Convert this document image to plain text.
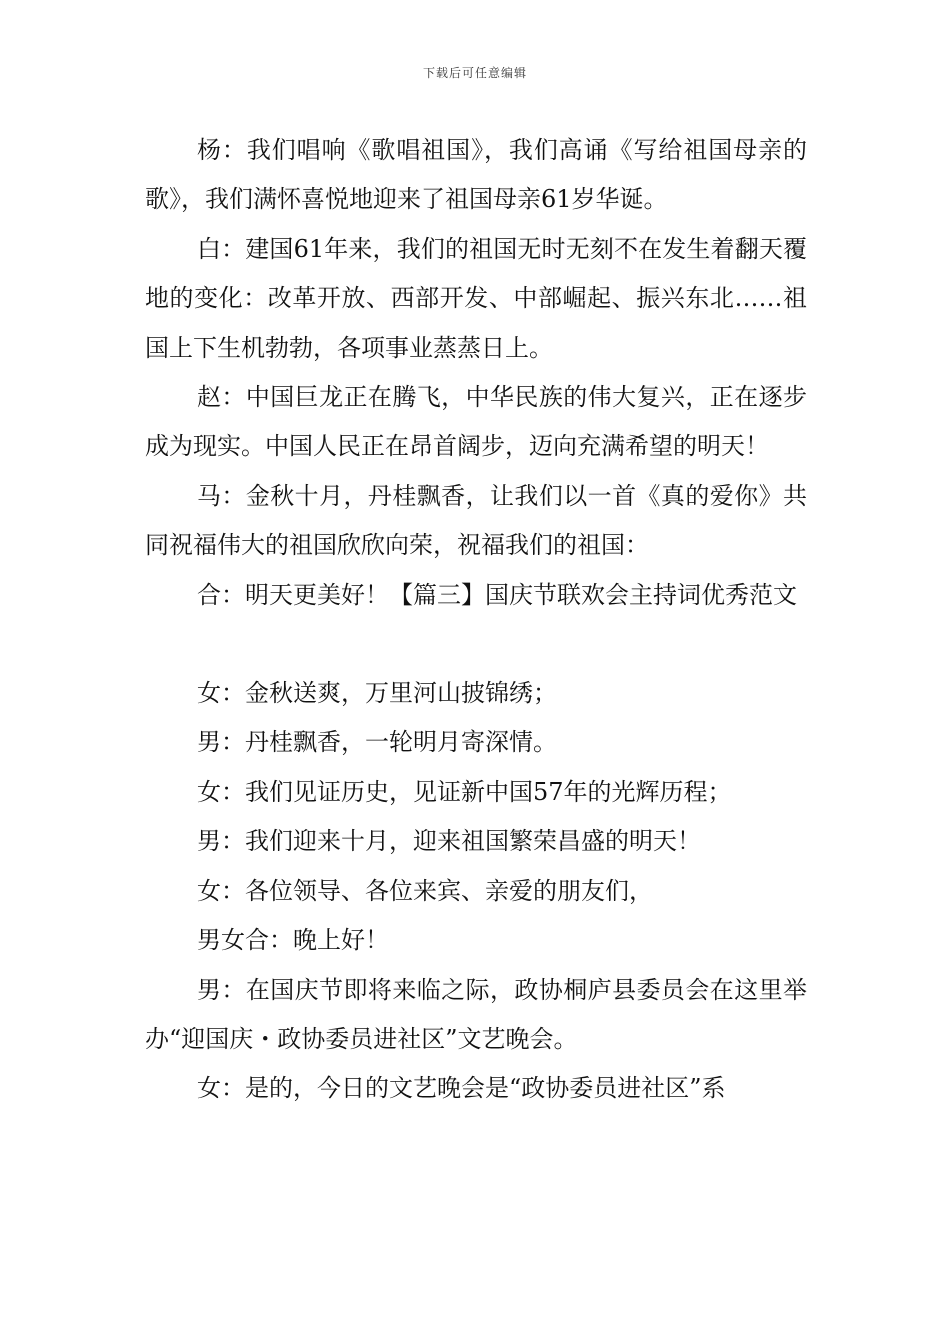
下载后可任意编辑

杨：我们唱响《歌唱祖国》，我们高诵《写给祖国母亲的歌》，我们满怀喜悦地迎来了祖国母亲61岁华诞。

白：建国61年来，我们的祖国无时无刻不在发生着翻天覆地的变化：改革开放、西部开发、中部崛起、振兴东北……祖国上下生机勃勃，各项事业蒸蒸日上。

赵：中国巨龙正在腾飞，中华民族的伟大复兴，正在逐步成为现实。中国人民正在昂首阔步，迈向充满希望的明天！

马：金秋十月，丹桂飘香，让我们以一首《真的爱你》共同祝福伟大的祖国欣欣向荣，祝福我们的祖国：

合：明天更美好！【篇三】国庆节联欢会主持词优秀范文

女：金秋送爽，万里河山披锦绣；

男：丹桂飘香，一轮明月寄深情。

女：我们见证历史，见证新中国57年的光辉历程；

男：我们迎来十月，迎来祖国繁荣昌盛的明天！

女：各位领导、各位来宾、亲爱的朋友们，

男女合：晚上好！

男：在国庆节即将来临之际，政协桐庐县委员会在这里举办“迎国庆・政协委员进社区”文艺晚会。

女：是的，今日的文艺晚会是“政协委员进社区”系
